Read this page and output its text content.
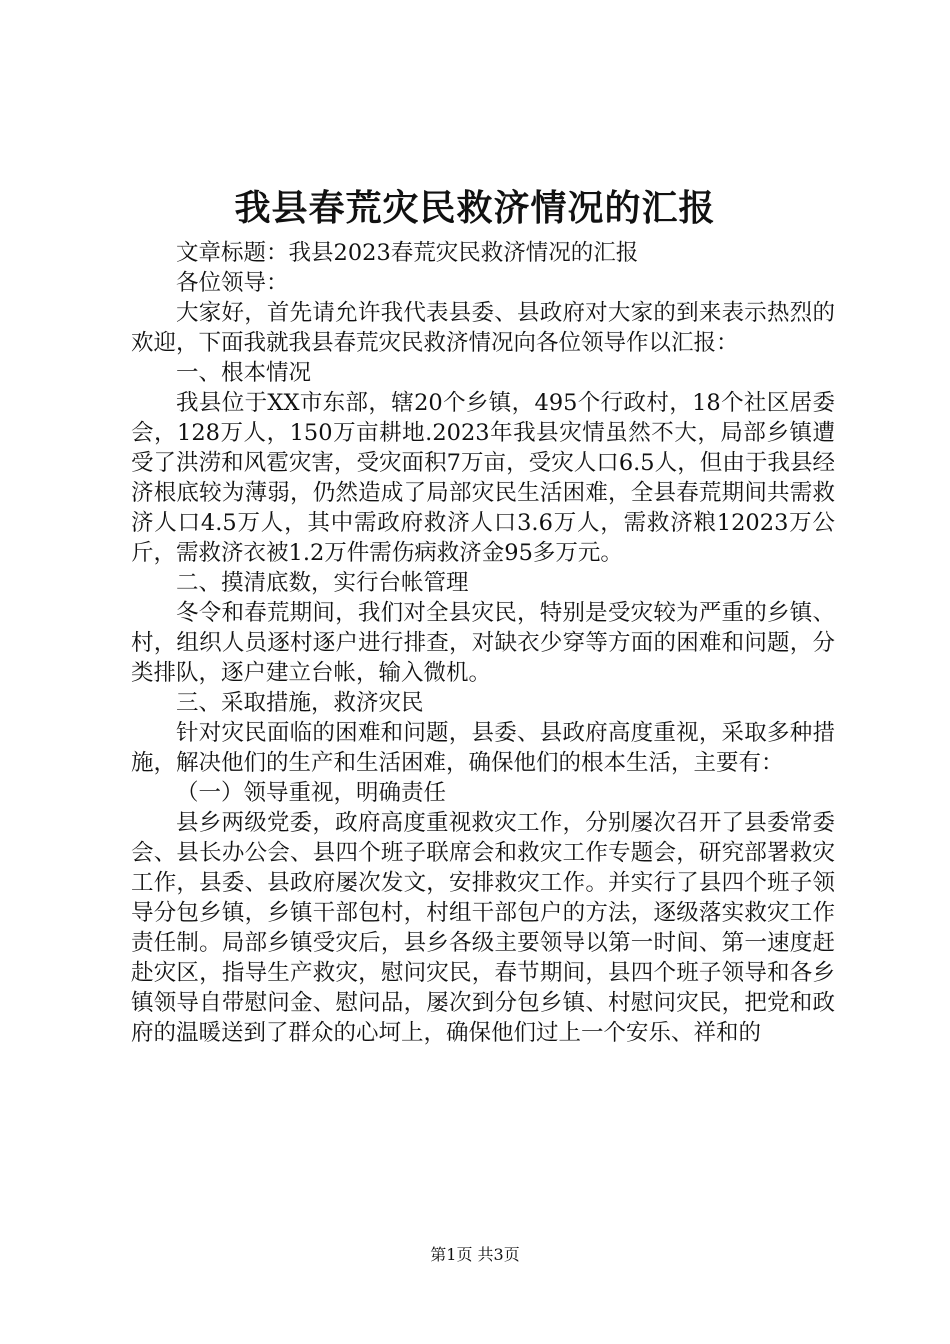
我县春荒灾民救济情况的汇报

文章标题：我县2023春荒灾民救济情况的汇报

各位领导：

大家好，首先请允许我代表县委、县政府对大家的到来表示热烈的欢迎，下面我就我县春荒灾民救济情况向各位领导作以汇报：

一、根本情况

我县位于XX市东部，辖20个乡镇，495个行政村，18个社区居委会，128万人，150万亩耕地.2023年我县灾情虽然不大，局部乡镇遭受了洪涝和风雹灾害，受灾面积7万亩，受灾人口6.5人，但由于我县经济根底较为薄弱，仍然造成了局部灾民生活困难，全县春荒期间共需救济人口4.5万人，其中需政府救济人口3.6万人，需救济粮12023万公斤，需救济衣被1.2万件需伤病救济金95多万元。

二、摸清底数，实行台帐管理

冬令和春荒期间，我们对全县灾民，特别是受灾较为严重的乡镇、村，组织人员逐村逐户进行排查，对缺衣少穿等方面的困难和问题，分类排队，逐户建立台帐，输入微机。

三、采取措施，救济灾民

针对灾民面临的困难和问题，县委、县政府高度重视，采取多种措施，解决他们的生产和生活困难，确保他们的根本生活，主要有：

（一）领导重视，明确责任

县乡两级党委，政府高度重视救灾工作，分别屡次召开了县委常委会、县长办公会、县四个班子联席会和救灾工作专题会，研究部署救灾工作，县委、县政府屡次发文，安排救灾工作。并实行了县四个班子领导分包乡镇，乡镇干部包村，村组干部包户的方法，逐级落实救灾工作责任制。局部乡镇受灾后，县乡各级主要领导以第一时间、第一速度赶赴灾区，指导生产救灾，慰问灾民，春节期间，县四个班子领导和各乡镇领导自带慰问金、慰问品，屡次到分包乡镇、村慰问灾民，把党和政府的温暖送到了群众的心坷上，确保他们过上一个安乐、祥和的

第1页 共3页
